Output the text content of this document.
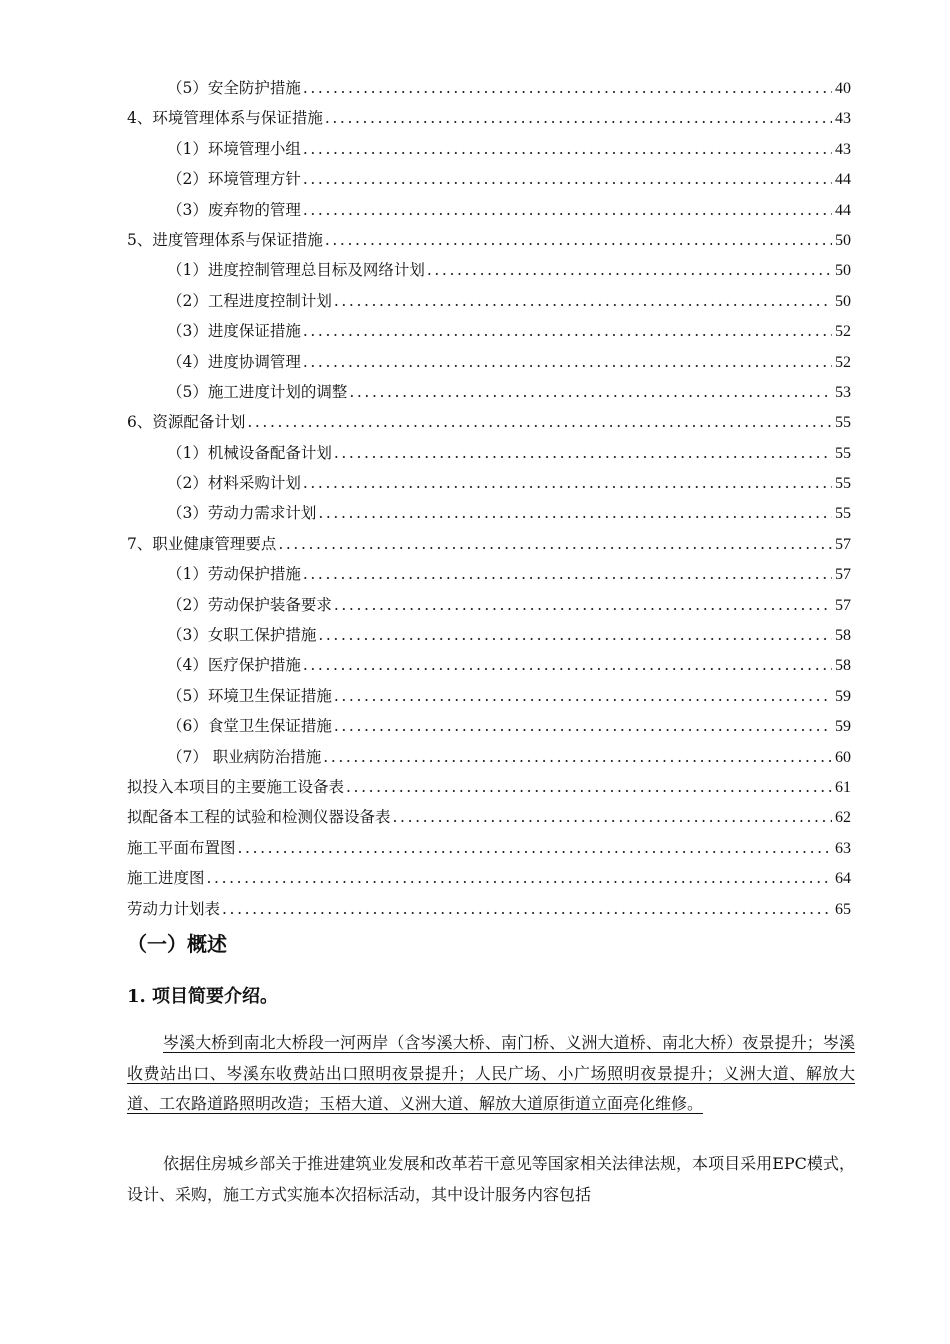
（5）安全防护措施 .....	40
4、环境管理体系与保证措施 .....	43
（1）环境管理小组 .....	43
（2）环境管理方针 .....	44
（3）废弃物的管理 .....	44
5、进度管理体系与保证措施 .....	50
（1）进度控制管理总目标及网络计划 .....	50
（2）工程进度控制计划 .....	50
（3）进度保证措施 .....	52
（4）进度协调管理 .....	52
（5）施工进度计划的调整 .....	53
6、资源配备计划 .....	55
（1）机械设备配备计划 .....	55
（2）材料采购计划 .....	55
（3）劳动力需求计划 .....	55
7、职业健康管理要点 .....	57
（1）劳动保护措施 .....	57
（2）劳动保护装备要求 .....	57
（3）女职工保护措施 .....	58
（4）医疗保护措施 .....	58
（5）环境卫生保证措施 .....	59
（6）食堂卫生保证措施 .....	59
（7） 职业病防治措施 .....	60
拟投入本项目的主要施工设备表 .....	61
拟配备本工程的试验和检测仪器设备表 .....	62
施工平面布置图 .....	63
施工进度图 .....	64
劳动力计划表 .....	65
（一）概述
1. 项目简要介绍。

岑溪大桥到南北大桥段一河两岸（含岑溪大桥、南门桥、义洲大道桥、南北大桥）夜景提升；岑溪收费站出口、岑溪东收费站出口照明夜景提升；人民广场、小广场照明夜景提升；义洲大道、解放大道、工农路道路照明改造；玉梧大道、义洲大道、解放大道原街道立面亮化维修。

依据住房城乡部关于推进建筑业发展和改革若干意见等国家相关法律法规，本项目采用EPC模式，设计、采购，施工方式实施本次招标活动，其中设计服务内容包括
